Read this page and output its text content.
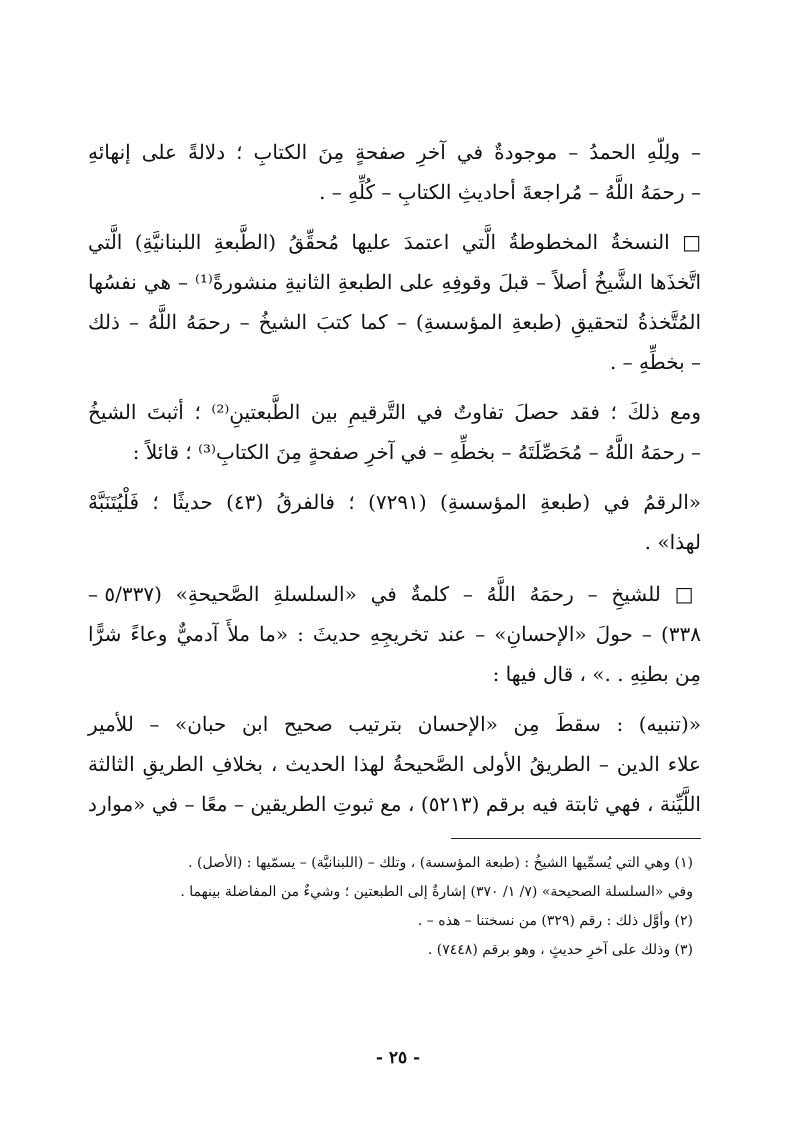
– ولِلّهِ الحمدُ – موجودةٌ في آخرِ صفحةٍ مِنَ الكتابِ ؛ دلالةً على إنهائهِ
– رحمَهُ اللَّهُ – مُراجعةَ أحاديثِ الكتابِ – كُلِّهِ – .
□ النسخةُ المخطوطةُ الَّتي اعتمدَ عليها مُحقِّقُ (الطَّبعةِ اللبنانيَّةِ) الَّتي
اتَّخذَها الشَّيخُ أصلاً – قبلَ وقوفِهِ على الطبعةِ الثانيةِ منشورةً⁽¹⁾ – هي نفسُها
المُتَّخذةُ لتحقيقِ (طبعةِ المؤسسةِ) – كما كتبَ الشيخُ – رحمَهُ اللَّهُ – ذلك
– بخطِّهِ – .
ومع ذلكَ ؛ فقد حصلَ تفاوتٌ في التَّرقيمِ بين الطَّبعتينِ⁽²⁾ ؛ أثبتَ الشيخُ
– رحمَهُ اللَّهُ – مُحَصِّلَتَهُ – بخطِّهِ – في آخرِ صفحةٍ مِنَ الكتابِ⁽³⁾ ؛ قائلاً :
«الرقمُ في (طبعةِ المؤسسةِ) (٧٢٩١) ؛ فالفرقُ (٤٣) حديثًا ؛ فَلْيُتَنَبَّهْ
لهذا» .
□ للشيخِ – رحمَهُ اللَّهُ – كلمةٌ في «السلسلةِ الصَّحيحةِ» (٥/٣٣٧ –
٣٣٨) – حولَ «الإحسانِ» – عند تخريجِهِ حديثَ : «ما ملأَ آدميٌّ وعاءً شرًّا
مِن بطنِهِ . .» ، قال فيها :
«(تنبيه) : سقطَ مِن «الإحسان بترتيب صحيح ابن حبان» – للأمير
علاء الدين – الطريقُ الأولى الصَّحيحةُ لهذا الحديث ، بخلافِ الطريقِ الثالثة
اللَّيِّنة ، فهي ثابتة فيه برقم (٥٢١٣) ، مع ثبوتِ الطريقين – معًا – في «موارد
(١) وهي التي يُسمِّيها الشيخُ : (طبعة المؤسسة) ، وتلك – (اللبنانيَّة) – يسمّيها : (الأصل) .
وفي «السلسلة الصحيحة» (٧/ ١/ ٣٧٠) إشارةٌ إلى الطبعتين ؛ وشيءٌ من المفاضلة بينهما .
(٢) وأوَّل ذلك : رقم (٣٢٩) من نسختنا – هذه – .
(٣) وذلك على آخرِ حديثٍ ، وهو برقم (٧٤٤٨) .
- ٢٥ -
